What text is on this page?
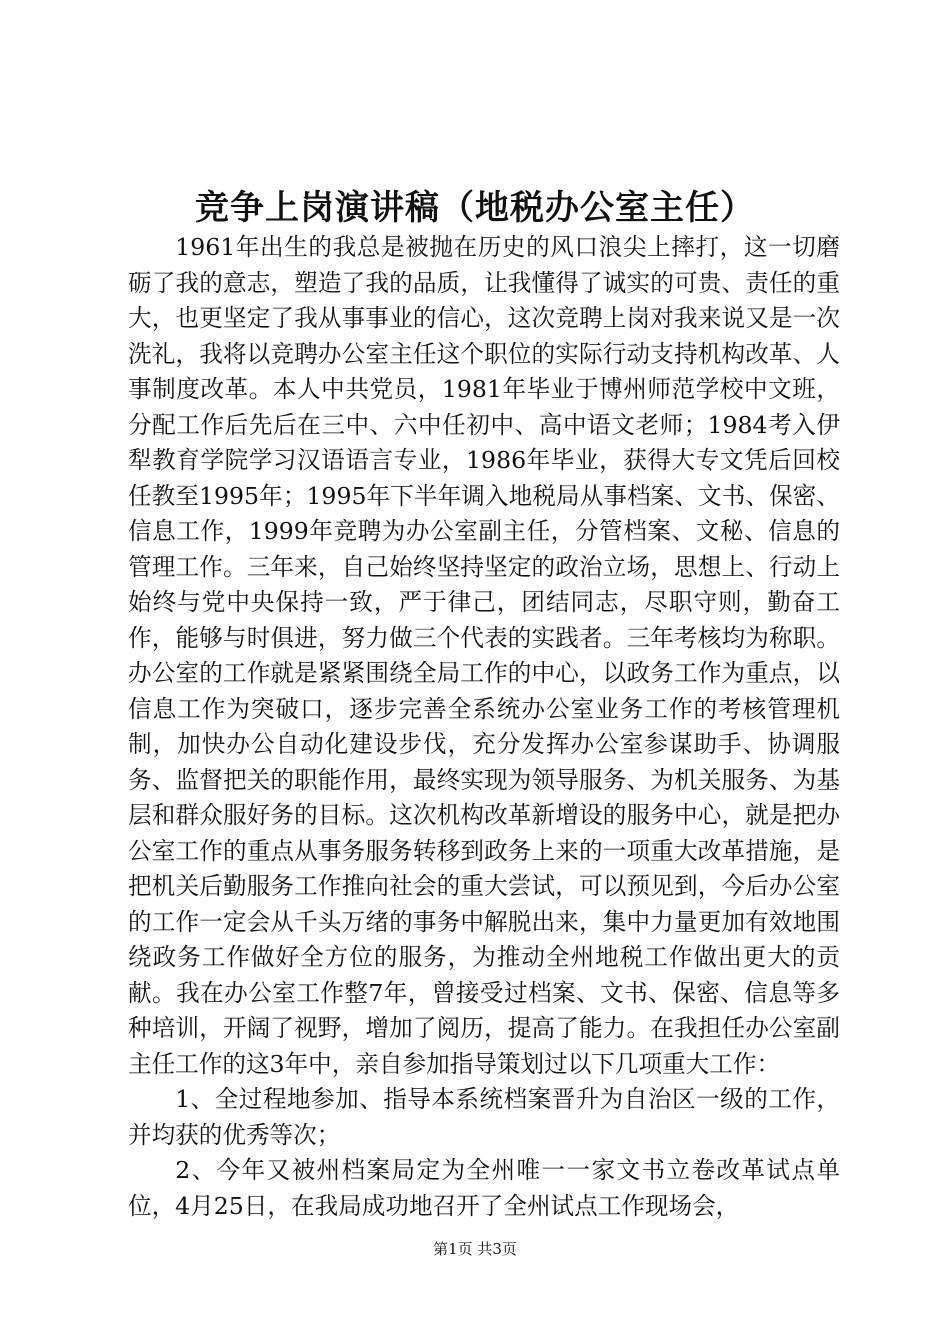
竞争上岗演讲稿（地税办公室主任）

1961年出生的我总是被抛在历史的风口浪尖上摔打，这一切磨砺了我的意志，塑造了我的品质，让我懂得了诚实的可贵、责任的重大，也更坚定了我从事事业的信心，这次竞聘上岗对我来说又是一次洗礼，我将以竞聘办公室主任这个职位的实际行动支持机构改革、人事制度改革。本人中共党员，1981年毕业于博州师范学校中文班，分配工作后先后在三中、六中任初中、高中语文老师；1984考入伊犁教育学院学习汉语语言专业，1986年毕业，获得大专文凭后回校任教至1995年；1995年下半年调入地税局从事档案、文书、保密、信息工作，1999年竞聘为办公室副主任，分管档案、文秘、信息的管理工作。三年来，自己始终坚持坚定的政治立场，思想上、行动上始终与党中央保持一致，严于律己，团结同志，尽职守则，勤奋工作，能够与时俱进，努力做三个代表的实践者。三年考核均为称职。办公室的工作就是紧紧围绕全局工作的中心，以政务工作为重点，以信息工作为突破口，逐步完善全系统办公室业务工作的考核管理机制，加快办公自动化建设步伐，充分发挥办公室参谋助手、协调服务、监督把关的职能作用，最终实现为领导服务、为机关服务、为基层和群众服好务的目标。这次机构改革新增设的服务中心，就是把办公室工作的重点从事务服务转移到政务上来的一项重大改革措施，是把机关后勤服务工作推向社会的重大尝试，可以预见到，今后办公室的工作一定会从千头万绪的事务中解脱出来，集中力量更加有效地围绕政务工作做好全方位的服务，为推动全州地税工作做出更大的贡献。我在办公室工作整7年，曾接受过档案、文书、保密、信息等多种培训，开阔了视野，增加了阅历，提高了能力。在我担任办公室副主任工作的这3年中，亲自参加指导策划过以下几项重大工作：

1、全过程地参加、指导本系统档案晋升为自治区一级的工作，并均获的优秀等次；

2、今年又被州档案局定为全州唯一一家文书立卷改革试点单位，4月25日，在我局成功地召开了全州试点工作现场会，

第1页 共3页
